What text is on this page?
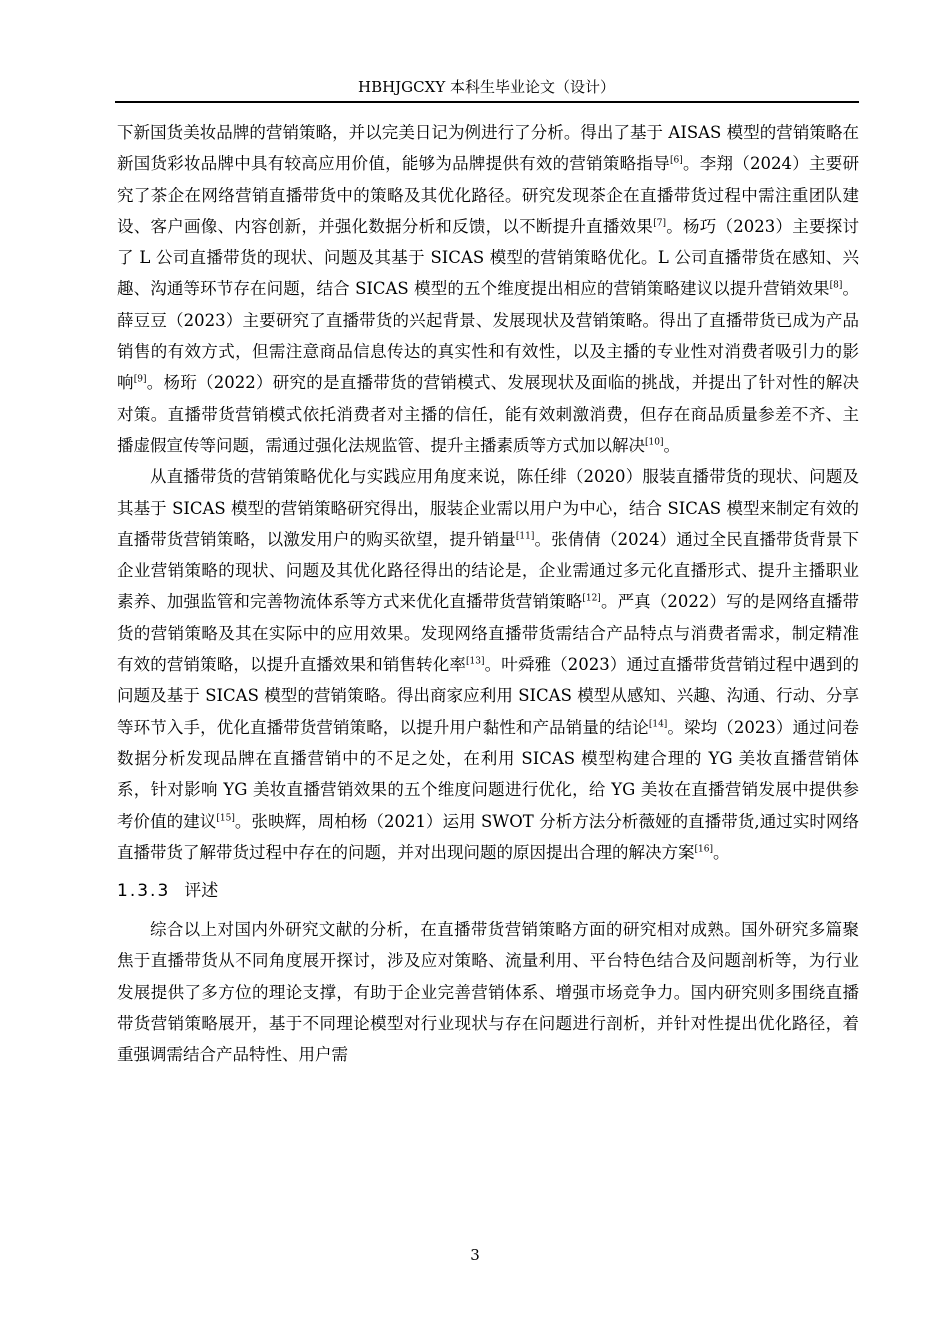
HBHJGCXY 本科生毕业论文（设计）

下新国货美妆品牌的营销策略，并以完美日记为例进行了分析。得出了基于 AISAS 模型的营销策略在新国货彩妆品牌中具有较高应用价值，能够为品牌提供有效的营销策略指导[6]。李翔（2024）主要研究了茶企在网络营销直播带货中的策略及其优化路径。研究发现茶企在直播带货过程中需注重团队建设、客户画像、内容创新，并强化数据分析和反馈，以不断提升直播效果[7]。杨巧（2023）主要探讨了 L 公司直播带货的现状、问题及其基于 SICAS 模型的营销策略优化。L 公司直播带货在感知、兴趣、沟通等环节存在问题，结合 SICAS 模型的五个维度提出相应的营销策略建议以提升营销效果[8]。薛豆豆（2023）主要研究了直播带货的兴起背景、发展现状及营销策略。得出了直播带货已成为产品销售的有效方式，但需注意商品信息传达的真实性和有效性，以及主播的专业性对消费者吸引力的影响[9]。杨珩（2022）研究的是直播带货的营销模式、发展现状及面临的挑战，并提出了针对性的解决对策。直播带货营销模式依托消费者对主播的信任，能有效刺激消费，但存在商品质量参差不齐、主播虚假宣传等问题，需通过强化法规监管、提升主播素质等方式加以解决[10]。

从直播带货的营销策略优化与实践应用角度来说，陈任绯（2020）服装直播带货的现状、问题及其基于 SICAS 模型的营销策略研究得出，服装企业需以用户为中心，结合 SICAS 模型来制定有效的直播带货营销策略，以激发用户的购买欲望，提升销量[11]。张倩倩（2024）通过全民直播带货背景下企业营销策略的现状、问题及其优化路径得出的结论是，企业需通过多元化直播形式、提升主播职业素养、加强监管和完善物流体系等方式来优化直播带货营销策略[12]。严真（2022）写的是网络直播带货的营销策略及其在实际中的应用效果。发现网络直播带货需结合产品特点与消费者需求，制定精准有效的营销策略，以提升直播效果和销售转化率[13]。叶舜雅（2023）通过直播带货营销过程中遇到的问题及基于 SICAS 模型的营销策略。得出商家应利用 SICAS 模型从感知、兴趣、沟通、行动、分享等环节入手，优化直播带货营销策略，以提升用户黏性和产品销量的结论[14]。梁均（2023）通过问卷数据分析发现品牌在直播营销中的不足之处，在利用 SICAS 模型构建合理的 YG 美妆直播营销体系，针对影响 YG 美妆直播营销效果的五个维度问题进行优化，给 YG 美妆在直播营销发展中提供参考价值的建议[15]。张映辉，周柏杨（2021）运用 SWOT 分析方法分析薇娅的直播带货,通过实时网络直播带货了解带货过程中存在的问题，并对出现问题的原因提出合理的解决方案[16]。

1.3.3 评述

综合以上对国内外研究文献的分析，在直播带货营销策略方面的研究相对成熟。国外研究多篇聚焦于直播带货从不同角度展开探讨，涉及应对策略、流量利用、平台特色结合及问题剖析等，为行业发展提供了多方位的理论支撑，有助于企业完善营销体系、增强市场竞争力。国内研究则多围绕直播带货营销策略展开，基于不同理论模型对行业现状与存在问题进行剖析，并针对性提出优化路径，着重强调需结合产品特性、用户需

3
